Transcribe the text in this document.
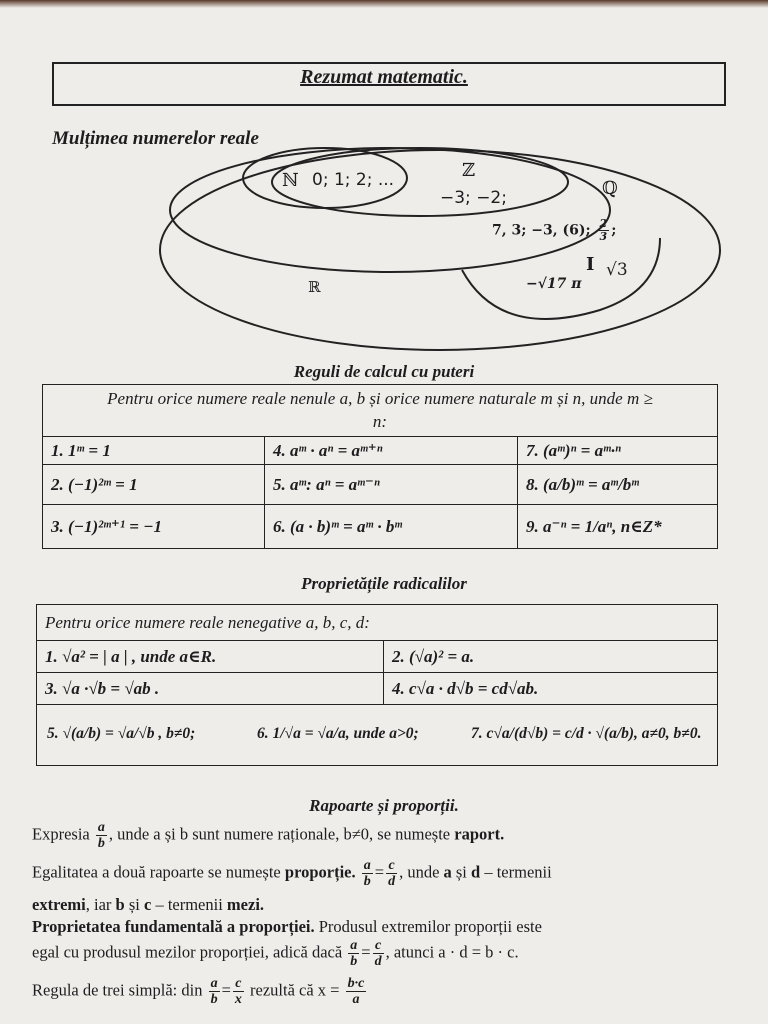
Rezumat matematic.
Mulțimea numerelor reale
ℕ 0; 1; 2; ...	ℤ
−3; −2;	ℚ
7, 3; −3, (6); $\frac{2}{3}$ ;
I √3
−√17 π
ℝ
Reguli de calcul cu puteri
Pentru orice numere reale nenule a, b și orice numere naturale m și n, unde m ≥ n:		
1. 1ᵐ = 1	4. aᵐ · aⁿ = aᵐ⁺ⁿ	7. (aᵐ)ⁿ = aᵐ·ⁿ
2. (−1)²ᵐ = 1	5. aᵐ: aⁿ = aᵐ⁻ⁿ	8. (a/b)ᵐ = aᵐ/bᵐ
3. (−1)²ᵐ⁺¹ = −1	6. (a · b)ᵐ = aᵐ · bᵐ	9. a⁻ⁿ = 1/aⁿ, n∈Z*
Proprietățile radicalilor
Pentru orice numere reale nenegative a, b, c, d:	
1. √a² = | a | , unde a∈R.	2. (√a)² = a.
3. √a ·√b = √ab .	4. c√a · d√b = cd√ab.
5. √(a/b) = √a/√b , b≠0;	6. 1/√a = √a/a, unde a>0;	7. c√a/(d√b) = c/d · √(a/b), a≠0, b≠0.
Rapoarte și proporții.
Expresia $\frac{a}{b}$ , unde a și b sunt numere raționale, b≠0, se numește raport.
Egalitatea a două rapoarte se numește proporție. $\frac{a}{b} = \frac{c}{d}$ , unde a și d – termenii
extremi, iar b și c – termenii mezi.
Proprietatea fundamentală a proporției. Produsul extremilor proporții este
egal cu produsul mezilor proporției, adică dacă $\frac{a}{b} = \frac{c}{d}$ , atunci a · d = b · c.
Regula de trei simplă: din $\frac{a}{b} = \frac{c}{x}$ rezultă că $x = \frac{b\cdot c}{a}$
